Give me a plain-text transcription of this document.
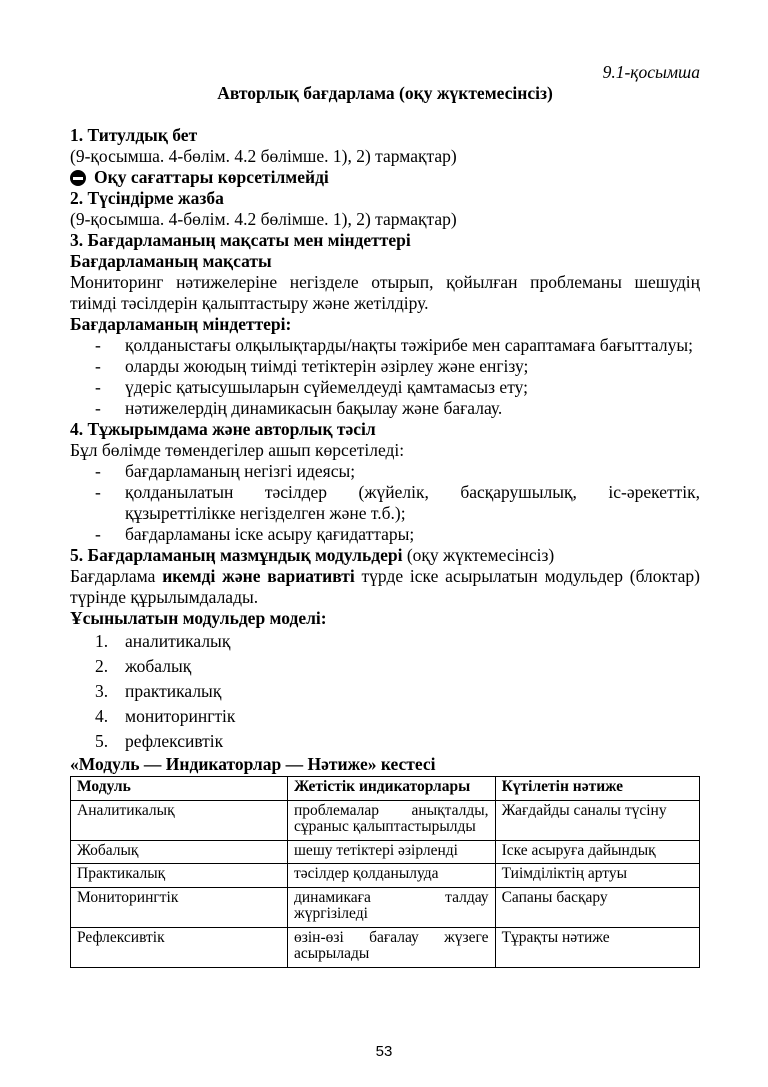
9.1-қосымша
Авторлық бағдарлама (оқу жүктемесінсіз)
1. Титулдық бет
(9-қосымша. 4-бөлім. 4.2 бөлімше. 1), 2) тармақтар)
Оқу сағаттары көрсетілмейді
2. Түсіндірме жазба
(9-қосымша. 4-бөлім. 4.2 бөлімше. 1), 2) тармақтар)
3. Бағдарламаның мақсаты мен міндеттері
Бағдарламаның мақсаты
Мониторинг нәтижелеріне негізделе отырып, қойылған проблеманы шешудің тиімді тәсілдерін қалыптастыру және жетілдіру.
Бағдарламаның міндеттері:
-	қолданыстағы олқылықтарды/нақты тәжірибе мен сараптамаға бағытталуы;
-	оларды жоюдың тиімді тетіктерін әзірлеу және енгізу;
-	үдеріс қатысушыларын сүйемелдеуді қамтамасыз ету;
-	нәтижелердің динамикасын бақылау және бағалау.
4. Тұжырымдама және авторлық тәсіл
Бұл бөлімде төмендегілер ашып көрсетіледі:
-	бағдарламаның негізгі идеясы;
-	қолданылатын тәсілдер (жүйелік, басқарушылық, іс-әрекеттік, құзыреттілікке негізделген және т.б.);
-	бағдарламаны іске асыру қағидаттары;
5. Бағдарламаның мазмұндық модульдері (оқу жүктемесінсіз)
Бағдарлама икемді және вариативті түрде іске асырылатын модульдер (блоктар) түрінде құрылымдалады.
Ұсынылатын модульдер моделі:
1. аналитикалық
2. жобалық
3. практикалық
4. мониторингтік
5. рефлексивтік
«Модуль — Индикаторлар — Нәтиже» кестесі
Модуль	Жетістік индикаторлары	Күтілетін нәтиже
Аналитикалық	проблемалар анықталды, сұраныс қалыптастырылды	Жағдайды саналы түсіну
Жобалық	шешу тетіктері әзірленді	Іске асыруға дайындық
Практикалық	тәсілдер қолданылуда	Тиімділіктің артуы
Мониторингтік	динамикаға талдау жүргізіледі	Сапаны басқару
Рефлексивтік	өзін-өзі бағалау жүзеге асырылады	Тұрақты нәтиже
53
